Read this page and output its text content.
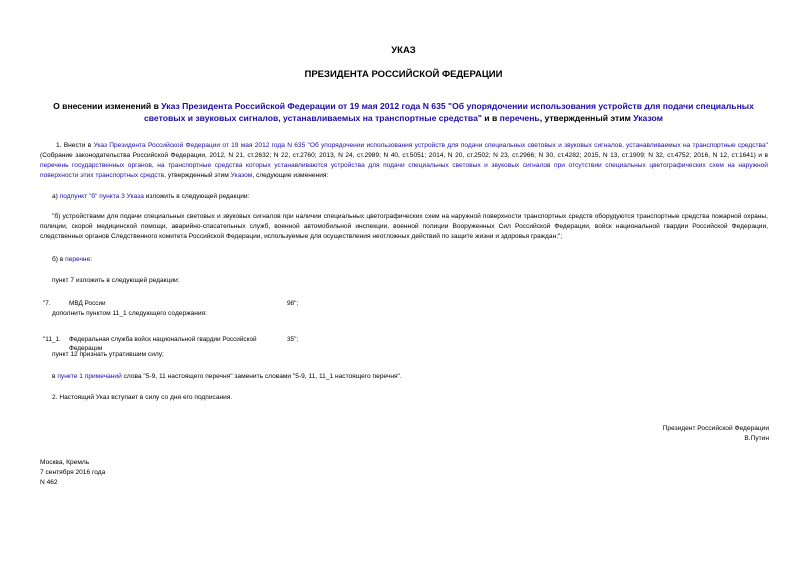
УКАЗ
ПРЕЗИДЕНТА РОССИЙСКОЙ ФЕДЕРАЦИИ
О внесении изменений в Указ Президента Российской Федерации от 19 мая 2012 года N 635 "Об упорядочении использования устройств для подачи специальных световых и звуковых сигналов, устанавливаемых на транспортные средства" и в перечень, утвержденный этим Указом
1. Внести в Указ Президента Российской Федерации от 19 мая 2012 года N 635 "Об упорядочении использования устройств для подачи специальных световых и звуковых сигналов, устанавливаемых на транспортные средства" (Собрание законодательства Российской Федерации, 2012, N 21, ст.2632; N 22, ст.2760; 2013, N 24, ст.2989; N 40, ст.5051; 2014, N 20, ст.2502; N 23, ст.2966; N 30, ст.4282; 2015, N 13, ст.1909; N 32, ст.4752; 2016, N 12, ст.1641) и в перечень государственных органов, на транспортные средства которых устанавливаются устройства для подачи специальных световых и звуковых сигналов при отсутствии специальных цветографических схем на наружной поверхности этих транспортных средств, утвержденный этим Указом, следующие изменения:
а) подпункт "б" пункта 3 Указа изложить в следующей редакции:
"б) устройствами для подачи специальных световых и звуковых сигналов при наличии специальных цветографических схем на наружной поверхности транспортных средств оборудуются транспортные средства пожарной охраны, полиции, скорой медицинской помощи, аварийно-спасательных служб, военной автомобильной инспекции, военной полиции Вооруженных Сил Российской Федерации, войск национальной гвардии Российской Федерации, следственных органов Следственного комитета Российской Федерации, используемые для осуществления неотложных действий по защите жизни и здоровья граждан;";
б) в перечне:
пункт 7 изложить в следующей редакции:
"7.	МВД России	98";
дополнить пунктом 11_1 следующего содержания:
"11_1. Федеральная служба войск национальной гвардии Российской Федерации
35";
пункт 12 признать утратившим силу;
в пункте 1 примечаний слова "5-9, 11 настоящего перечня" заменить словами "5-9, 11, 11_1 настоящего перечня".
2. Настоящий Указ вступает в силу со дня его подписания.
Президент Российской Федерации
В.Путин
Москва, Кремль
7 сентября 2016 года
N 462
